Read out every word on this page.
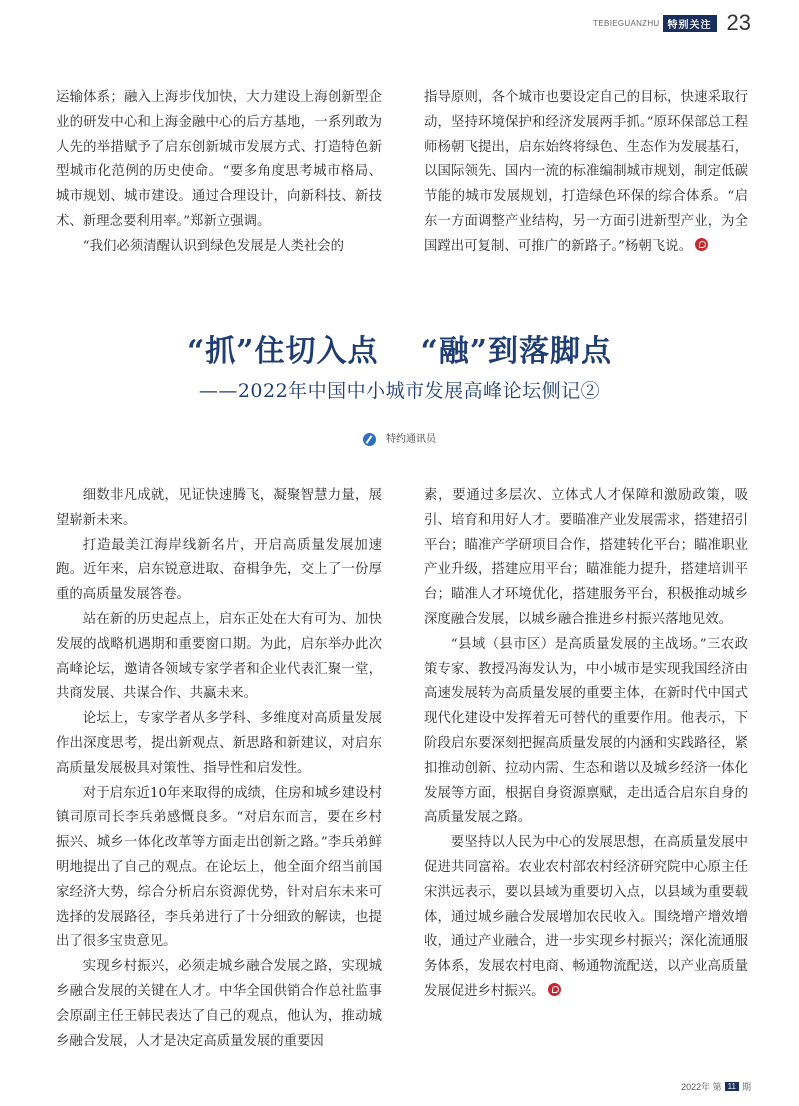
TEBIEGUANZHU 特别关注 23

运输体系；融入上海步伐加快，大力建设上海创新型企业的研发中心和上海金融中心的后方基地，一系列敢为人先的举措赋予了启东创新城市发展方式、打造特色新型城市化范例的历史使命。“要多角度思考城市格局、城市规划、城市建设。通过合理设计，向新科技、新技术、新理念要利用率。”郑新立强调。

“我们必须清醒认识到绿色发展是人类社会的

指导原则，各个城市也要设定自己的目标，快速采取行动，坚持环境保护和经济发展两手抓。”原环保部总工程师杨朝飞提出，启东始终将绿色、生态作为发展基石，以国际领先、国内一流的标准编制城市规划，制定低碳节能的城市发展规划，打造绿色环保的综合体系。“启东一方面调整产业结构，另一方面引进新型产业，为全国蹚出可复制、可推广的新路子。”杨朝飞说。

“抓”住切入点 “融”到落脚点
——2022年中国中小城市发展高峰论坛侧记②
特约通讯员

细数非凡成就，见证快速腾飞，凝聚智慧力量，展望崭新未来。

打造最美江海岸线新名片，开启高质量发展加速跑。近年来，启东锐意进取、奋楫争先，交上了一份厚重的高质量发展答卷。

站在新的历史起点上，启东正处在大有可为、加快发展的战略机遇期和重要窗口期。为此，启东举办此次高峰论坛，邀请各领域专家学者和企业代表汇聚一堂，共商发展、共谋合作、共赢未来。

论坛上，专家学者从多学科、多维度对高质量发展作出深度思考，提出新观点、新思路和新建议，对启东高质量发展极具对策性、指导性和启发性。

对于启东近10年来取得的成绩，住房和城乡建设村镇司原司长李兵弟感慨良多。“对启东而言，要在乡村振兴、城乡一体化改革等方面走出创新之路。”李兵弟鲜明地提出了自己的观点。在论坛上，他全面介绍当前国家经济大势，综合分析启东资源优势，针对启东未来可选择的发展路径，李兵弟进行了十分细致的解读，也提出了很多宝贵意见。

实现乡村振兴，必须走城乡融合发展之路，实现城乡融合发展的关键在人才。中华全国供销合作总社监事会原副主任王韩民表达了自己的观点，他认为，推动城乡融合发展，人才是决定高质量发展的重要因

素，要通过多层次、立体式人才保障和激励政策，吸引、培育和用好人才。要瞄准产业发展需求，搭建招引平台；瞄准产学研项目合作，搭建转化平台；瞄准职业产业升级，搭建应用平台；瞄准能力提升，搭建培训平台；瞄准人才环境优化，搭建服务平台，积极推动城乡深度融合发展，以城乡融合推进乡村振兴落地见效。

“县域（县市区）是高质量发展的主战场。”三农政策专家、教授冯海发认为，中小城市是实现我国经济由高速发展转为高质量发展的重要主体，在新时代中国式现代化建设中发挥着无可替代的重要作用。他表示，下阶段启东要深刻把握高质量发展的内涵和实践路径，紧扣推动创新、拉动内需、生态和谐以及城乡经济一体化发展等方面，根据自身资源禀赋，走出适合启东自身的高质量发展之路。

要坚持以人民为中心的发展思想，在高质量发展中促进共同富裕。农业农村部农村经济研究院中心原主任宋洪远表示，要以县域为重要切入点，以县域为重要载体，通过城乡融合发展增加农民收入。围绕增产增效增收，通过产业融合，进一步实现乡村振兴；深化流通服务体系，发展农村电商、畅通物流配送，以产业高质量发展促进乡村振兴。

2022年
第 11 期
